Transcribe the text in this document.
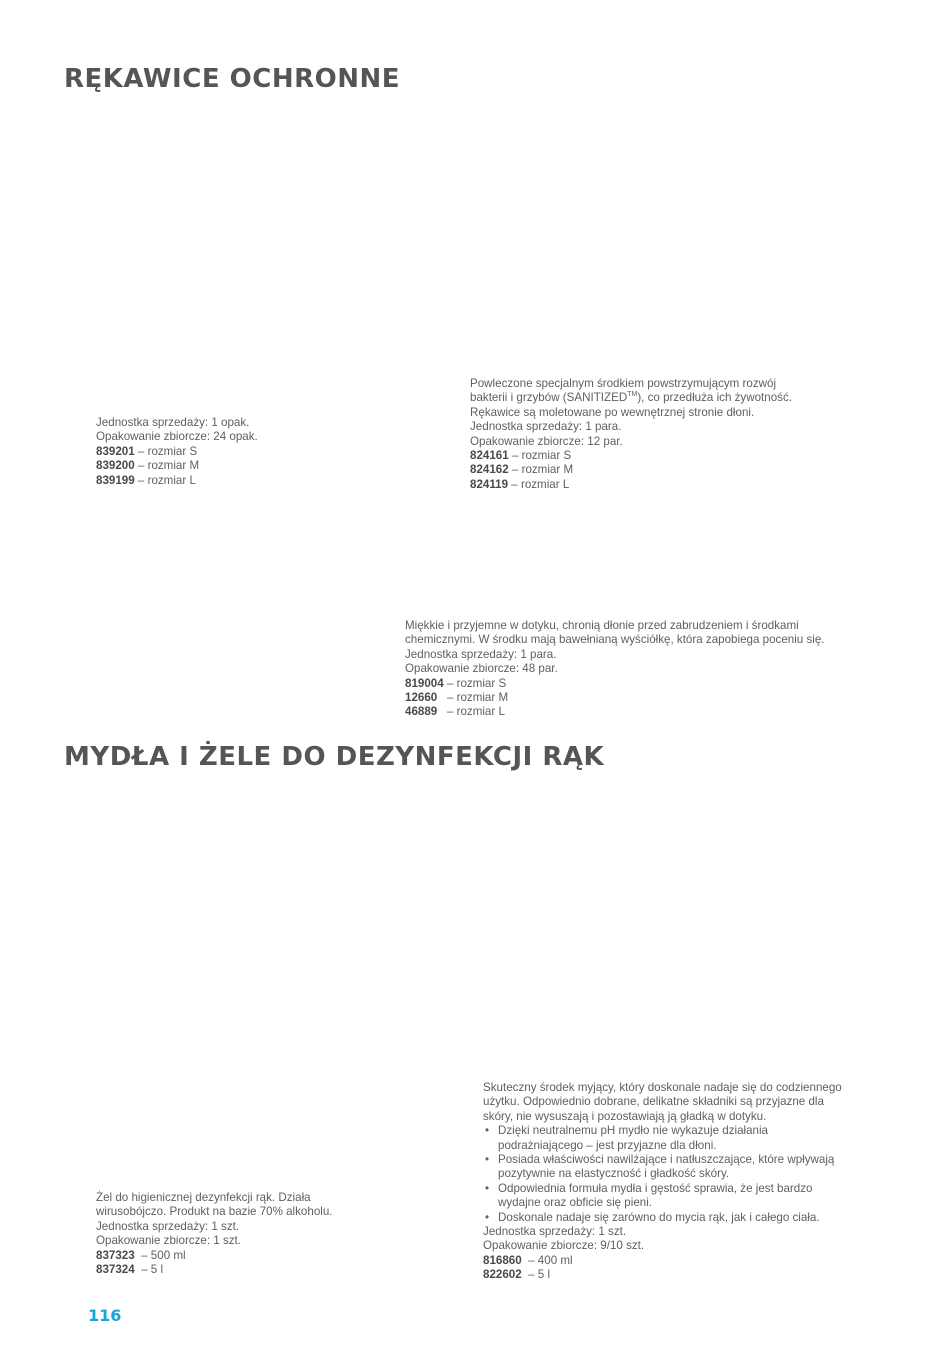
RĘKAWICE OCHRONNE

Jednostka sprzedaży: 1 opak.

Opakowanie zbiorcze: 24 opak.

839201 – rozmiar S

839200 – rozmiar M

839199 – rozmiar L

Powleczone specjalnym środkiem powstrzymującym rozwój

bakterii i grzybów (SANITIZED™), co przedłuża ich żywotność.

Rękawice są moletowane po wewnętrznej stronie dłoni.

Jednostka sprzedaży: 1 para.

Opakowanie zbiorcze: 12 par.

824161 – rozmiar S

824162 – rozmiar M

824119 – rozmiar L

Miękkie i przyjemne w dotyku, chronią dłonie przed zabrudzeniem i środkami chemicznymi. W środku mają bawełnianą wyściółkę, która zapobiega poceniu się.

Jednostka sprzedaży: 1 para.

Opakowanie zbiorcze: 48 par.

819004 – rozmiar S

12660   – rozmiar M

46889   – rozmiar L

MYDŁA I ŻELE DO DEZYNFEKCJI RĄK

Żel do higienicznej dezynfekcji rąk. Działa wirusobójczo. Produkt na bazie 70% alkoholu.

Jednostka sprzedaży: 1 szt.

Opakowanie zbiorcze: 1 szt.

837323  – 500 ml

837324  – 5 l

Skuteczny środek myjący, który doskonale nadaje się do codziennego użytku. Odpowiednio dobrane, delikatne składniki są przyjazne dla skóry, nie wysuszają i pozostawiają ją gładką w dotyku.

• Dzięki neutralnemu pH mydło nie wykazuje działania podrażniającego – jest przyjazne dla dłoni.
• Posiada właściwości nawilżające i natłuszczające, które wpływają pozytywnie na elastyczność i gładkość skóry.
• Odpowiednia formuła mydła i gęstość sprawia, że jest bardzo wydajne oraz obficie się pieni.
• Doskonale nadaje się zarówno do mycia rąk, jak i całego ciała.

Jednostka sprzedaży: 1 szt.

Opakowanie zbiorcze: 9/10 szt.

816860  – 400 ml

822602  – 5 l

116
